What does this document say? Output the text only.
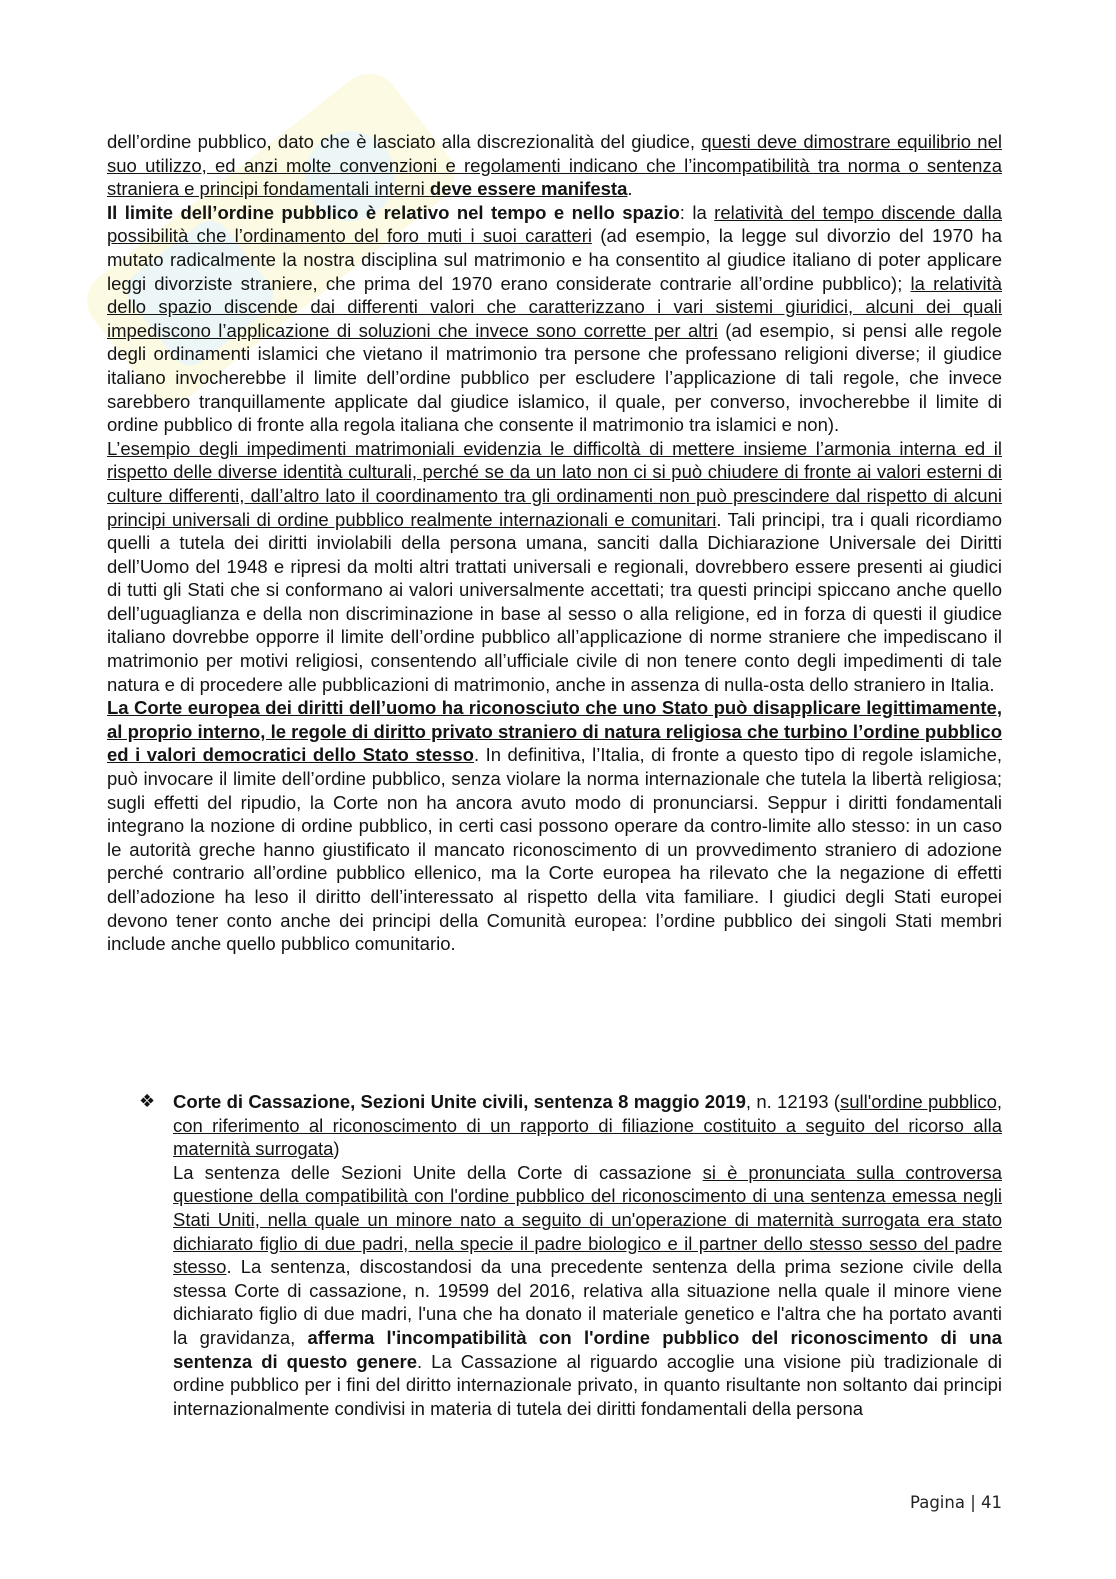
dell’ordine pubblico, dato che è lasciato alla discrezionalità del giudice, questi deve dimostrare equilibrio nel suo utilizzo, ed anzi molte convenzioni e regolamenti indicano che l’incompatibilità tra norma o sentenza straniera e principi fondamentali interni deve essere manifesta.

Il limite dell’ordine pubblico è relativo nel tempo e nello spazio: la relatività del tempo discende dalla possibilità che l’ordinamento del foro muti i suoi caratteri (ad esempio, la legge sul divorzio del 1970 ha mutato radicalmente la nostra disciplina sul matrimonio e ha consentito al giudice italiano di poter applicare leggi divorziste straniere, che prima del 1970 erano considerate contrarie all’ordine pubblico); la relatività dello spazio discende dai differenti valori che caratterizzano i vari sistemi giuridici, alcuni dei quali impediscono l’applicazione di soluzioni che invece sono corrette per altri (ad esempio, si pensi alle regole degli ordinamenti islamici che vietano il matrimonio tra persone che professano religioni diverse; il giudice italiano invocherebbe il limite dell’ordine pubblico per escludere l’applicazione di tali regole, che invece sarebbero tranquillamente applicate dal giudice islamico, il quale, per converso, invocherebbe il limite di ordine pubblico di fronte alla regola italiana che consente il matrimonio tra islamici e non).

L’esempio degli impedimenti matrimoniali evidenzia le difficoltà di mettere insieme l’armonia interna ed il rispetto delle diverse identità culturali, perché se da un lato non ci si può chiudere di fronte ai valori esterni di culture differenti, dall’altro lato il coordinamento tra gli ordinamenti non può prescindere dal rispetto di alcuni principi universali di ordine pubblico realmente internazionali e comunitari. Tali principi, tra i quali ricordiamo quelli a tutela dei diritti inviolabili della persona umana, sanciti dalla Dichiarazione Universale dei Diritti dell’Uomo del 1948 e ripresi da molti altri trattati universali e regionali, dovrebbero essere presenti ai giudici di tutti gli Stati che si conformano ai valori universalmente accettati; tra questi principi spiccano anche quello dell’uguaglianza e della non discriminazione in base al sesso o alla religione, ed in forza di questi il giudice italiano dovrebbe opporre il limite dell’ordine pubblico all’applicazione di norme straniere che impediscano il matrimonio per motivi religiosi, consentendo all’ufficiale civile di non tenere conto degli impedimenti di tale natura e di procedere alle pubblicazioni di matrimonio, anche in assenza di nulla-osta dello straniero in Italia.

La Corte europea dei diritti dell’uomo ha riconosciuto che uno Stato può disapplicare legittimamente, al proprio interno, le regole di diritto privato straniero di natura religiosa che turbino l’ordine pubblico ed i valori democratici dello Stato stesso. In definitiva, l’Italia, di fronte a questo tipo di regole islamiche, può invocare il limite dell’ordine pubblico, senza violare la norma internazionale che tutela la libertà religiosa; sugli effetti del ripudio, la Corte non ha ancora avuto modo di pronunciarsi. Seppur i diritti fondamentali integrano la nozione di ordine pubblico, in certi casi possono operare da contro-limite allo stesso: in un caso le autorità greche hanno giustificato il mancato riconoscimento di un provvedimento straniero di adozione perché contrario all’ordine pubblico ellenico, ma la Corte europea ha rilevato che la negazione di effetti dell’adozione ha leso il diritto dell’interessato al rispetto della vita familiare. I giudici degli Stati europei devono tener conto anche dei principi della Comunità europea: l’ordine pubblico dei singoli Stati membri include anche quello pubblico comunitario.

❖ Corte di Cassazione, Sezioni Unite civili, sentenza 8 maggio 2019, n. 12193 (sull'ordine pubblico, con riferimento al riconoscimento di un rapporto di filiazione costituito a seguito del ricorso alla maternità surrogata)

La sentenza delle Sezioni Unite della Corte di cassazione si è pronunciata sulla controversa questione della compatibilità con l'ordine pubblico del riconoscimento di una sentenza emessa negli Stati Uniti, nella quale un minore nato a seguito di un'operazione di maternità surrogata era stato dichiarato figlio di due padri, nella specie il padre biologico e il partner dello stesso sesso del padre stesso. La sentenza, discostandosi da una precedente sentenza della prima sezione civile della stessa Corte di cassazione, n. 19599 del 2016, relativa alla situazione nella quale il minore viene dichiarato figlio di due madri, l'una che ha donato il materiale genetico e l'altra che ha portato avanti la gravidanza, afferma l'incompatibilità con l'ordine pubblico del riconoscimento di una sentenza di questo genere. La Cassazione al riguardo accoglie una visione più tradizionale di ordine pubblico per i fini del diritto internazionale privato, in quanto risultante non soltanto dai principi internazionalmente condivisi in materia di tutela dei diritti fondamentali della persona

Pagina | 41
